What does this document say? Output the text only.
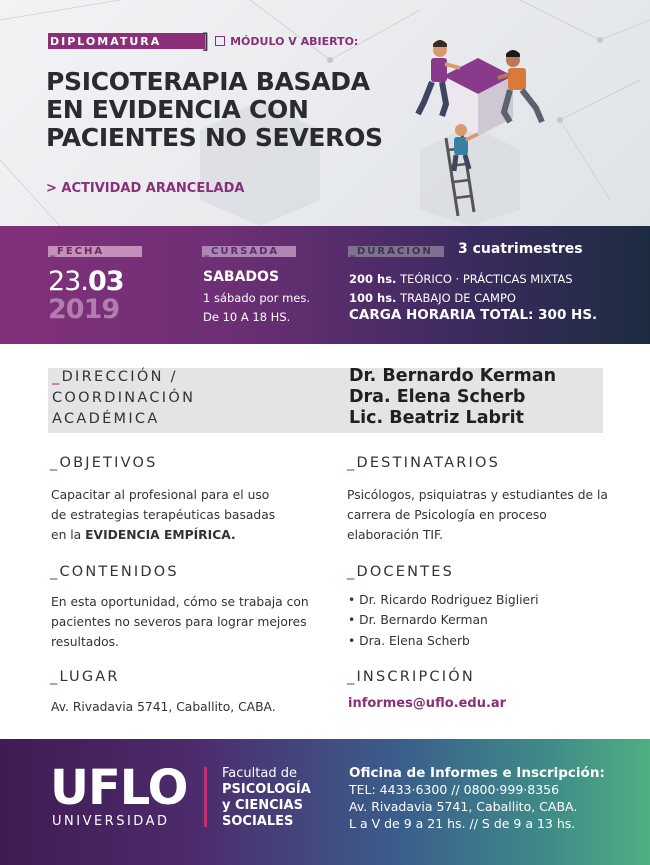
DIPLOMATURA	] MÓDULO V ABIERTO:
PSICOTERAPIA BASADA
EN EVIDENCIA CON
PACIENTES NO SEVEROS
> ACTIVIDAD ARANCELADA
_FECHA
23.03
2019
_CURSADA
SABADOS
1 sábado por mes.
De 10 A 18 HS.
_DURACIÓN	3 cuatrimestres
200 hs. TEÓRICO · PRÁCTICAS MIXTAS
100 hs. TRABAJO DE CAMPO
CARGA HORARIA TOTAL: 300 HS.
_DIRECCIÓN /
COORDINACIÓN
ACADÉMICA
Dr. Bernardo Kerman
Dra. Elena Scherb
Lic. Beatriz Labrit
_OBJETIVOS
Capacitar al profesional para el uso
de estrategias terapéuticas basadas
en la EVIDENCIA EMPÍRICA.
_DESTINATARIOS
Psicólogos, psiquiatras y estudiantes de la carrera de Psicología en proceso elaboración TIF.
_CONTENIDOS
En esta oportunidad, cómo se trabaja con pacientes no severos para lograr mejores resultados.
_DOCENTES
• Dr. Ricardo Rodriguez Biglieri
• Dr. Bernardo Kerman
• Dra. Elena Scherb
_LUGAR
Av. Rivadavia 5741, Caballito, CABA.
_INSCRIPCIÓN
informes@uflo.edu.ar
UFLO
UNIVERSIDAD
Facultad de
PSICOLOGÍA
y CIENCIAS
SOCIALES
Oficina de Informes e Inscripción:
TEL: 4433·6300 // 0800·999·8356
Av. Rivadavia 5741, Caballito, CABA.
L a V de 9 a 21 hs. // S de 9 a 13 hs.
